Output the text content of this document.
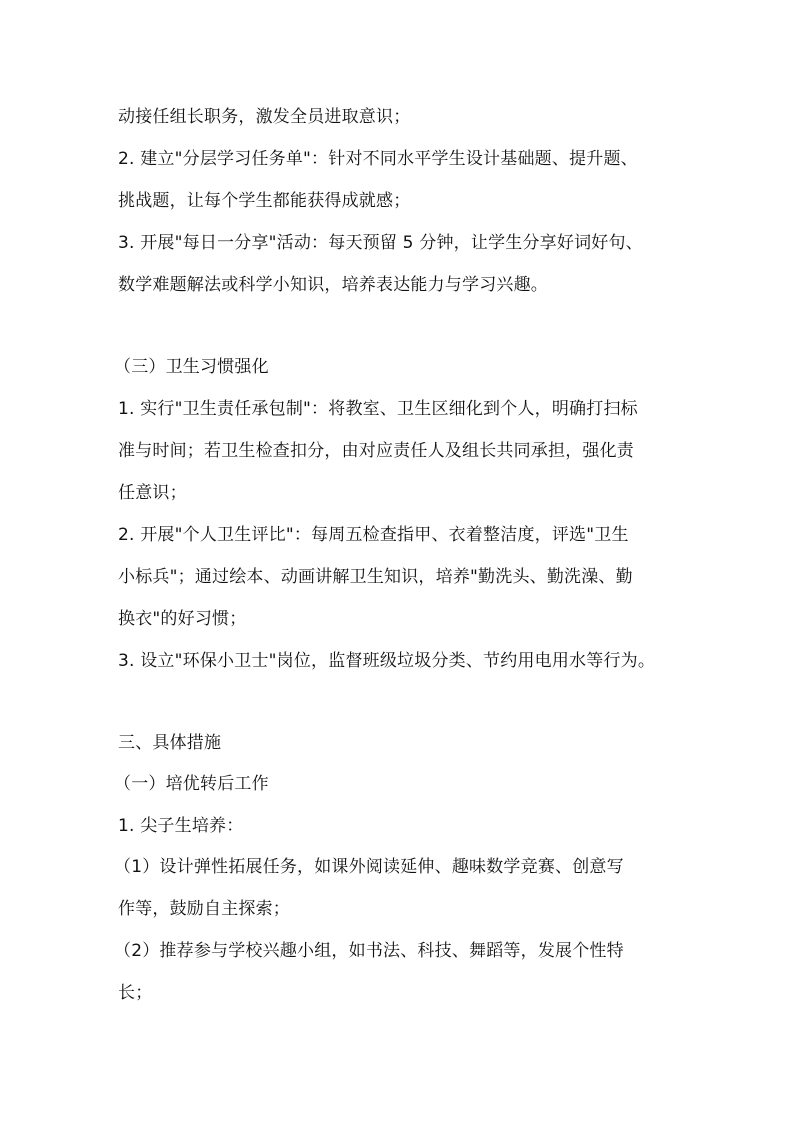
动接任组长职务，激发全员进取意识；
2. 建立"分层学习任务单"：针对不同水平学生设计基础题、提升题、
挑战题，让每个学生都能获得成就感；
3. 开展"每日一分享"活动：每天预留 5 分钟，让学生分享好词好句、
数学难题解法或科学小知识，培养表达能力与学习兴趣。
（三）卫生习惯强化
1. 实行"卫生责任承包制"：将教室、卫生区细化到个人，明确打扫标
准与时间；若卫生检查扣分，由对应责任人及组长共同承担，强化责
任意识；
2. 开展"个人卫生评比"：每周五检查指甲、衣着整洁度，评选"卫生
小标兵"；通过绘本、动画讲解卫生知识，培养"勤洗头、勤洗澡、勤
换衣"的好习惯；
3. 设立"环保小卫士"岗位，监督班级垃圾分类、节约用电用水等行为。
三、具体措施
（一）培优转后工作
1. 尖子生培养：
（1）设计弹性拓展任务，如课外阅读延伸、趣味数学竞赛、创意写
作等，鼓励自主探索；
（2）推荐参与学校兴趣小组，如书法、科技、舞蹈等，发展个性特
长；
